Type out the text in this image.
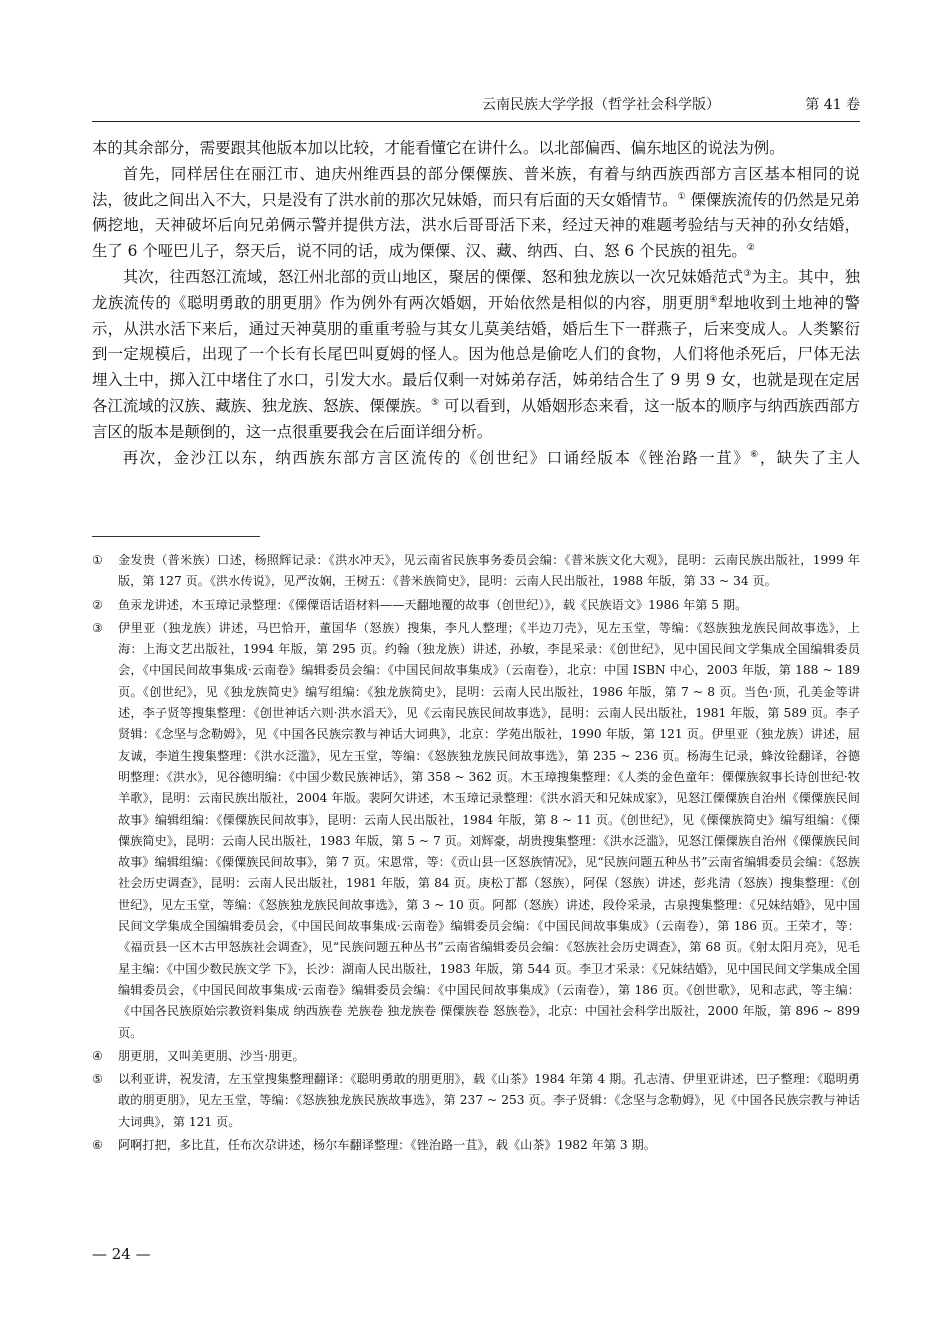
云南民族大学学报（哲学社会科学版）	第 41 卷

本的其余部分，需要跟其他版本加以比较，才能看懂它在讲什么。以北部偏西、偏东地区的说法为例。

首先，同样居住在丽江市、迪庆州维西县的部分傈僳族、普米族，有着与纳西族西部方言区基本相同的说法，彼此之间出入不大，只是没有了洪水前的那次兄妹婚，而只有后面的天女婚情节。① 傈僳族流传的仍然是兄弟俩挖地，天神破坏后向兄弟俩示警并提供方法，洪水后哥哥活下来，经过天神的难题考验结与天神的孙女结婚，生了 6 个哑巴儿子，祭天后，说不同的话，成为傈僳、汉、藏、纳西、白、怒 6 个民族的祖先。②

其次，往西怒江流域，怒江州北部的贡山地区，聚居的傈僳、怒和独龙族以一次兄妹婚范式③为主。其中，独龙族流传的《聪明勇敢的朋更朋》作为例外有两次婚姻，开始依然是相似的内容，朋更朋④犁地收到土地神的警示，从洪水活下来后，通过天神莫朋的重重考验与其女儿莫美结婚，婚后生下一群燕子，后来变成人。人类繁衍到一定规模后，出现了一个长有长尾巴叫夏姆的怪人。因为他总是偷吃人们的食物，人们将他杀死后，尸体无法埋入土中，掷入江中堵住了水口，引发大水。最后仅剩一对姊弟存活，姊弟结合生了 9 男 9 女，也就是现在定居各江流域的汉族、藏族、独龙族、怒族、傈僳族。⑤ 可以看到，从婚姻形态来看，这一版本的顺序与纳西族西部方言区的版本是颠倒的，这一点很重要我会在后面详细分析。

再次，金沙江以东，纳西族东部方言区流传的《创世纪》口诵经版本《锉治路一苴》⑥，缺失了主人

① 金发贵（普米族）口述，杨照辉记录：《洪水冲天》，见云南省民族事务委员会编：《普米族文化大观》，昆明：云南民族出版社，1999 年版，第 127 页。《洪水传说》，见严汝娴，王树五：《普米族简史》，昆明：云南人民出版社，1988 年版，第 33 ~ 34 页。
② 鱼汞龙讲述，木玉璋记录整理：《傈僳语话语材料——天翻地覆的故事（创世纪）》，载《民族语文》1986 年第 5 期。
③ 伊里亚（独龙族）讲述，马巴恰开，董国华（怒族）搜集，李凡人整理；《半边刀壳》，见左玉堂，等编：《怒族独龙族民间故事选》，上海：上海文艺出版社，1994 年版，第 295 页。约翰（独龙族）讲述，孙敏，李昆采录：《创世纪》，见中国民间文学集成全国编辑委员会，《中国民间故事集成·云南卷》编辑委员会编：《中国民间故事集成》（云南卷），北京：中国 ISBN 中心，2003 年版，第 188 ~ 189 页。《创世纪》，见《独龙族简史》编写组编：《独龙族简史》，昆明：云南人民出版社，1986 年版，第 7 ~ 8 页。当色·顶，孔美金等讲述，李子贤等搜集整理：《创世神话六则·洪水滔天》，见《云南民族民间故事选》，昆明：云南人民出版社，1981 年版，第 589 页。李子贤辑：《念坚与念勒姆》，见《中国各民族宗教与神话大词典》，北京：学苑出版社，1990 年版，第 121 页。伊里亚（独龙族）讲述，屈友诚，李道生搜集整理：《洪水泛滥》，见左玉堂，等编：《怒族独龙族民间故事选》，第 235 ~ 236 页。杨海生记录，蜂汝铨翻译，谷德明整理：《洪水》，见谷德明编：《中国少数民族神话》，第 358 ~ 362 页。木玉璋搜集整理：《人类的金色童年：傈僳族叙事长诗创世纪·牧羊歌》，昆明：云南民族出版社，2004 年版。裴阿欠讲述，木玉璋记录整理：《洪水滔天和兄妹成家》，见怒江傈僳族自治州《傈僳族民间故事》编辑组编：《傈僳族民间故事》，昆明：云南人民出版社，1984 年版，第 8 ~ 11 页。《创世纪》，见《傈僳族简史》编写组编：《傈僳族简史》，昆明：云南人民出版社，1983 年版，第 5 ~ 7 页。刘辉豪，胡贵搜集整理：《洪水泛滥》，见怒江傈僳族自治州《傈僳族民间故事》编辑组编：《傈僳族民间故事》，第 7 页。宋恩常，等：《贡山县一区怒族情况》，见“民族问题五种丛书”云南省编辑委员会编：《怒族社会历史调查》，昆明：云南人民出版社，1981 年版，第 84 页。庚松丁都（怒族），阿保（怒族）讲述，彭兆清（怒族）搜集整理：《创世纪》，见左玉堂，等编：《怒族独龙族民间故事选》，第 3 ~ 10 页。阿都（怒族）讲述，段伶采录，古泉搜集整理：《兄妹结婚》，见中国民间文学集成全国编辑委员会，《中国民间故事集成·云南卷》编辑委员会编：《中国民间故事集成》（云南卷），第 186 页。王荣才，等：《福贡县一区木古甲怒族社会调查》，见“民族问题五种丛书”云南省编辑委员会编：《怒族社会历史调查》，第 68 页。《射太阳月亮》，见毛星主编：《中国少数民族文学 下》，长沙：湖南人民出版社，1983 年版，第 544 页。李卫才采录：《兄妹结婚》，见中国民间文学集成全国编辑委员会，《中国民间故事集成·云南卷》编辑委员会编：《中国民间故事集成》（云南卷），第 186 页。《创世歌》，见和志武，等主编：《中国各民族原始宗教资料集成 纳西族卷 羌族卷 独龙族卷 傈僳族卷 怒族卷》，北京：中国社会科学出版社，2000 年版，第 896 ~ 899 页。
④ 朋更朋，又叫美更朋、沙当·朋更。
⑤ 以利亚讲，祝发清，左玉堂搜集整理翻译：《聪明勇敢的朋更朋》，载《山茶》1984 年第 4 期。孔志清、伊里亚讲述，巴子整理：《聪明勇敢的朋更朋》，见左玉堂，等编：《怒族独龙族民族故事选》，第 237 ~ 253 页。李子贤辑：《念坚与念勒姆》，见《中国各民族宗教与神话大词典》，第 121 页。
⑥ 阿啊打把，多比苴，任布次尕讲述，杨尔车翻译整理：《锉治路一苴》，载《山茶》1982 年第 3 期。
— 24 —
